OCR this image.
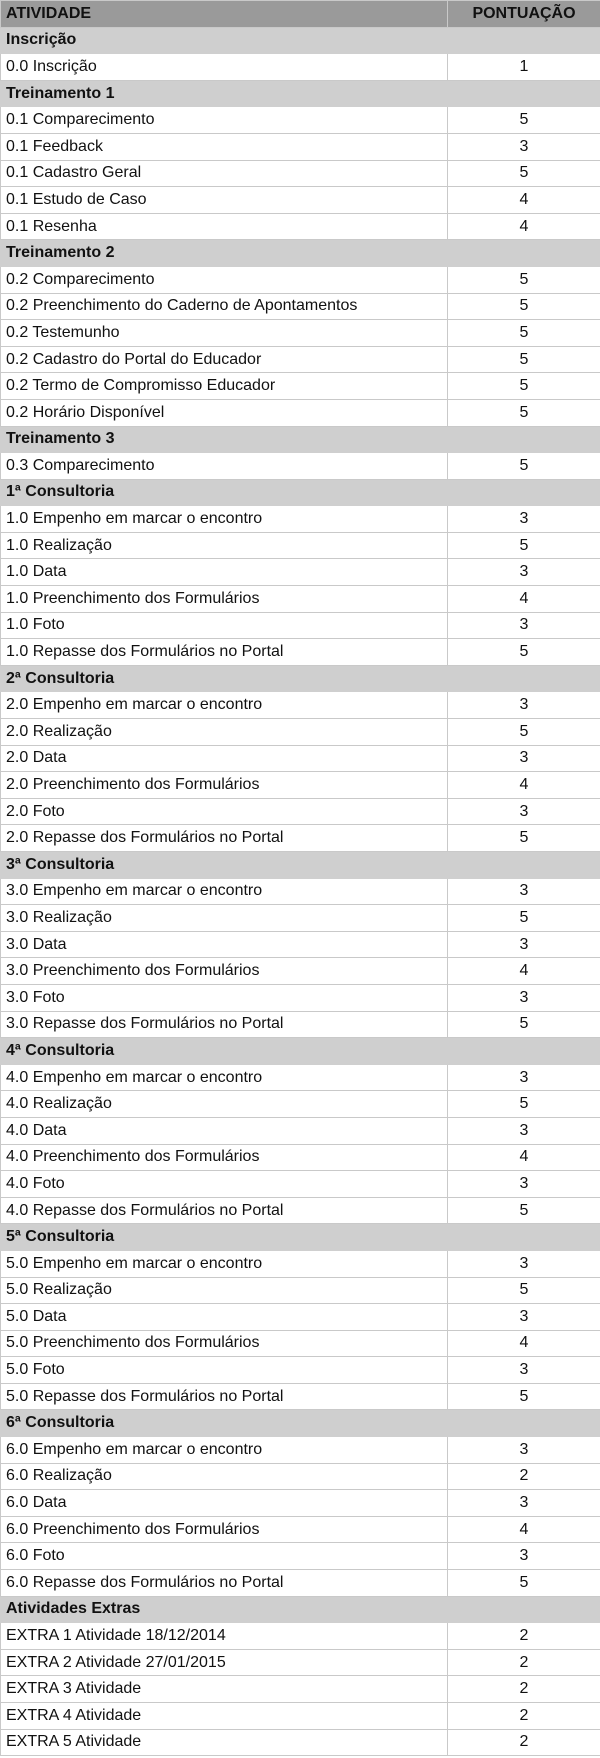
ATIVIDADE	PONTUAÇÃO
Inscrição	
0.0 Inscrição	1
Treinamento 1	
0.1 Comparecimento	5
0.1 Feedback	3
0.1 Cadastro Geral	5
0.1 Estudo de Caso	4
0.1 Resenha	4
Treinamento 2	
0.2 Comparecimento	5
0.2 Preenchimento do Caderno de Apontamentos	5
0.2 Testemunho	5
0.2 Cadastro do Portal do Educador	5
0.2 Termo de Compromisso Educador	5
0.2 Horário Disponível	5
Treinamento 3	
0.3 Comparecimento	5
1ª Consultoria	
1.0 Empenho em marcar o encontro	3
1.0 Realização	5
1.0 Data	3
1.0 Preenchimento dos Formulários	4
1.0 Foto	3
1.0 Repasse dos Formulários no Portal	5
2ª Consultoria	
2.0 Empenho em marcar o encontro	3
2.0 Realização	5
2.0 Data	3
2.0 Preenchimento dos Formulários	4
2.0 Foto	3
2.0 Repasse dos Formulários no Portal	5
3ª Consultoria	
3.0 Empenho em marcar o encontro	3
3.0 Realização	5
3.0 Data	3
3.0 Preenchimento dos Formulários	4
3.0 Foto	3
3.0 Repasse dos Formulários no Portal	5
4ª Consultoria	
4.0 Empenho em marcar o encontro	3
4.0 Realização	5
4.0 Data	3
4.0 Preenchimento dos Formulários	4
4.0 Foto	3
4.0 Repasse dos Formulários no Portal	5
5ª Consultoria	
5.0 Empenho em marcar o encontro	3
5.0 Realização	5
5.0 Data	3
5.0 Preenchimento dos Formulários	4
5.0 Foto	3
5.0 Repasse dos Formulários no Portal	5
6ª Consultoria	
6.0 Empenho em marcar o encontro	3
6.0 Realização	2
6.0 Data	3
6.0 Preenchimento dos Formulários	4
6.0 Foto	3
6.0 Repasse dos Formulários no Portal	5
Atividades Extras	
EXTRA 1 Atividade 18/12/2014	2
EXTRA 2 Atividade 27/01/2015	2
EXTRA 3 Atividade	2
EXTRA 4 Atividade	2
EXTRA 5 Atividade	2
